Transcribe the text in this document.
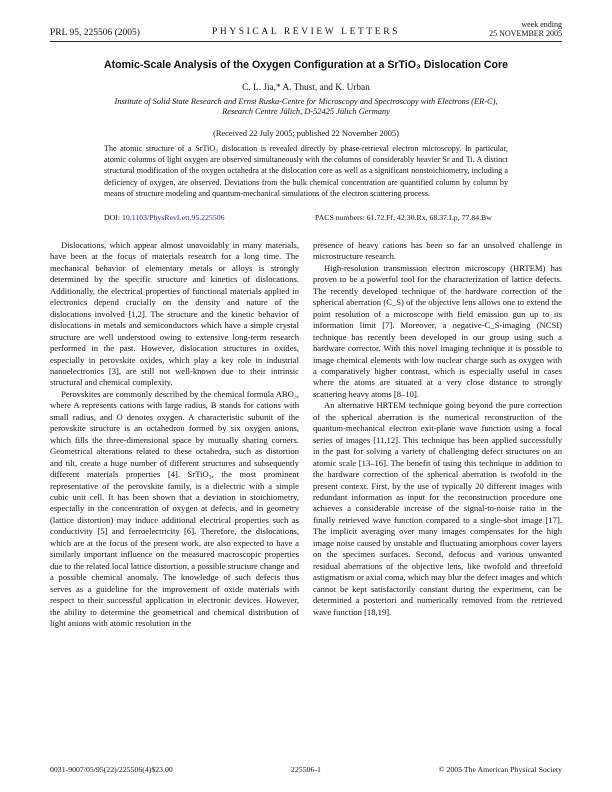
PRL 95, 225506 (2005)	PHYSICAL REVIEW LETTERS
week ending
25 NOVEMBER 2005
Atomic-Scale Analysis of the Oxygen Configuration at a SrTiO₃ Dislocation Core
C. L. Jia,* A. Thust, and K. Urban
Institute of Solid State Research and Ernst Ruska-Centre for Microscopy and Spectroscopy with Electrons (ER-C),
Research Centre Jülich, D-52425 Jülich Germany
(Received 22 July 2005; published 22 November 2005)
The atomic structure of a SrTiO₃ dislocation is revealed directly by phase-retrieval electron microscopy. In particular, atomic columns of light oxygen are observed simultaneously with the columns of considerably heavier Sr and Ti. A distinct structural modification of the oxygen octahedra at the dislocation core as well as a significant nonstoichiometry, including a deficiency of oxygen, are observed. Deviations from the bulk chemical concentration are quantified column by column by means of structure modeling and quantum-mechanical simulations of the electron scattering process.
DOI: 10.1103/PhysRevLett.95.225506	PACS numbers: 61.72.Ff, 42.30.Rx, 68.37.Lp, 77.84.Bw

Dislocations, which appear almost unavoidably in many materials, have been at the focus of materials research for a long time. The mechanical behavior of elementary metals or alloys is strongly determined by the specific structure and kinetics of dislocations. Additionally, the electrical properties of functional materials applied in electronics depend crucially on the density and nature of the dislocations involved [1,2]. The structure and the kinetic behavior of dislocations in metals and semiconductors which have a simple crystal structure are well understood owing to extensive long-term research performed in the past. However, dislocation structures in oxides, especially in perovskite oxides, which play a key role in industrial nanoelectronics [3], are still not well-known due to their intrinsic structural and chemical complexity.

Perovskites are commonly described by the chemical formula ABO₃, where A represents cations with large radius, B stands for cations with small radius, and O denotes oxygen. A characteristic subunit of the perovskite structure is an octahedron formed by six oxygen anions, which fills the three-dimensional space by mutually sharing corners. Geometrical alterations related to these octahedra, such as distortion and tilt, create a huge number of different structures and subsequently different materials properties [4]. SrTiO₃, the most prominent representative of the perovskite family, is a dielectric with a simple cubic unit cell. It has been shown that a deviation in stoichiometry, especially in the concentration of oxygen at defects, and in geometry (lattice distortion) may induce additional electrical properties such as conductivity [5] and ferroelectricity [6]. Therefore, the dislocations, which are at the focus of the present work, are also expected to have a similarly important influence on the measured macroscopic properties due to the related local lattice distortion, a possible structure change and a possible chemical anomaly. The knowledge of such defects thus serves as a guideline for the improvement of oxide materials with respect to their successful application in electronic devices. However, the ability to determine the geometrical and chemical distribution of light anions with atomic resolution in the

presence of heavy cations has been so far an unsolved challenge in microstructure research.

High-resolution transmission electron microscopy (HRTEM) has proven to be a powerful tool for the characterization of lattice defects. The recently developed technique of the hardware correction of the spherical aberration (C_S) of the objective lens allows one to extend the point resolution of a microscope with field emission gun up to its information limit [7]. Moreover, a negative-C_S-imaging (NCSI) technique has recently been developed in our group using such a hardware corrector. With this novel imaging technique it is possible to image chemical elements with low nuclear charge such as oxygen with a comparatively higher contrast, which is especially useful in cases where the atoms are situated at a very close distance to strongly scattering heavy atoms [8–10].

An alternative HRTEM technique going beyond the pure correction of the spherical aberration is the numerical reconstruction of the quantum-mechanical electron exit-plane wave function using a focal series of images [11,12]. This technique has been applied successfully in the past for solving a variety of challenging defect structures on an atomic scale [13–16]. The benefit of using this technique in addition to the hardware correction of the spherical aberration is twofold in the present context. First, by the use of typically 20 different images with redundant information as input for the reconstruction procedure one achieves a considerable increase of the signal-to-noise ratio in the finally retrieved wave function compared to a single-shot image [17]. The implicit averaging over many images compensates for the high image noise caused by unstable and fluctuating amorphous cover layers on the specimen surfaces. Second, defocus and various unwanted residual aberrations of the objective lens, like twofold and threefold astigmatism or axial coma, which may blur the defect images and which cannot be kept satisfactorily constant during the experiment, can be determined a posteriori and numerically removed from the retrieved wave function [18,19].

0031-9007/05/95(22)/225506(4)$23.00	225506-1	© 2005 The American Physical Society
